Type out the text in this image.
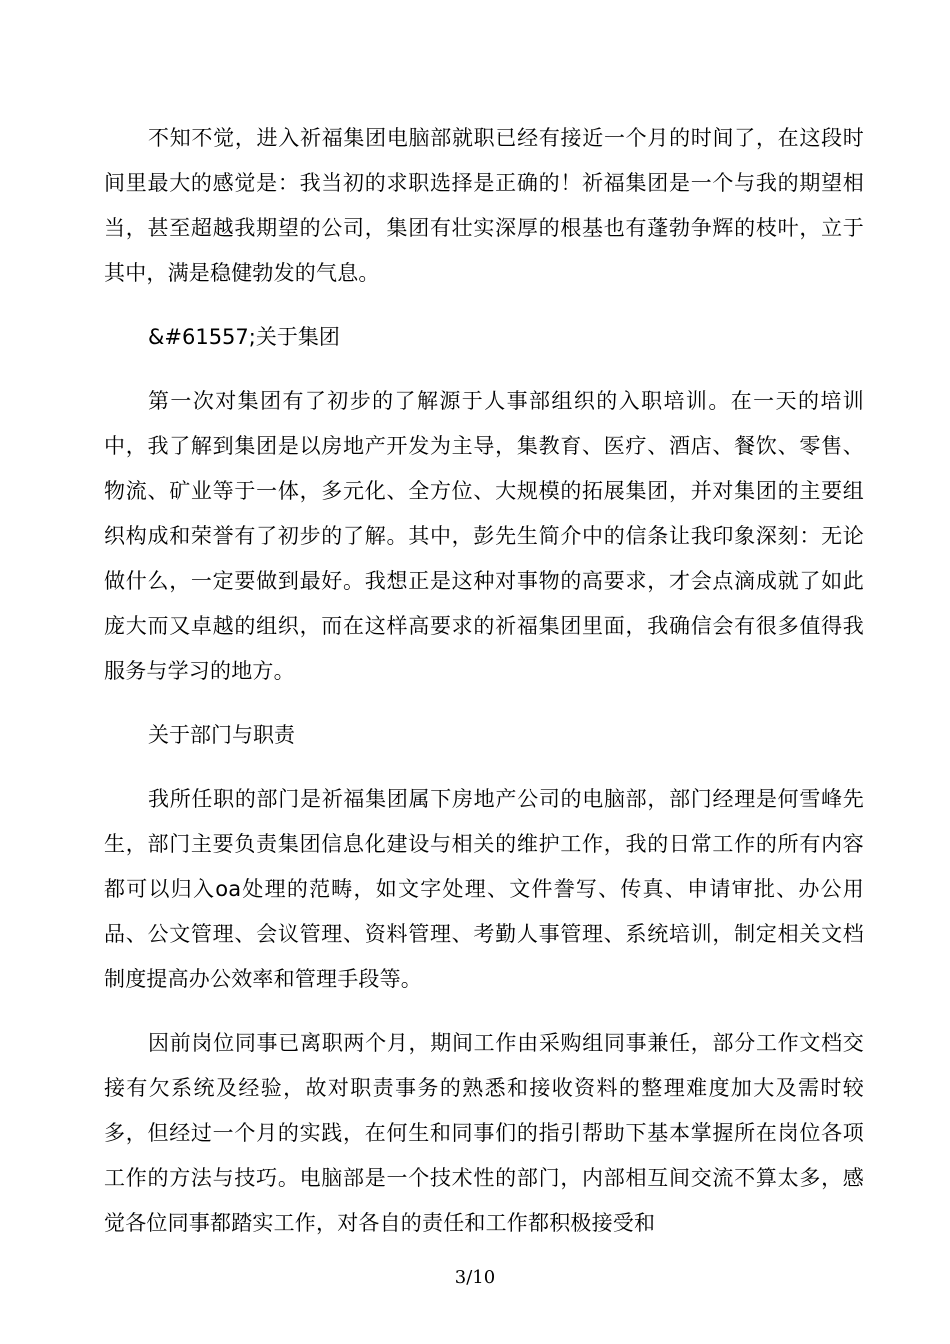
不知不觉，进入祈福集团电脑部就职已经有接近一个月的时间了，在这段时间里最大的感觉是：我当初的求职选择是正确的！祈福集团是一个与我的期望相当，甚至超越我期望的公司，集团有壮实深厚的根基也有蓬勃争辉的枝叶，立于其中，满是稳健勃发的气息。

&#61557;关于集团

第一次对集团有了初步的了解源于人事部组织的入职培训。在一天的培训中，我了解到集团是以房地产开发为主导，集教育、医疗、酒店、餐饮、零售、物流、矿业等于一体，多元化、全方位、大规模的拓展集团，并对集团的主要组织构成和荣誉有了初步的了解。其中，彭先生简介中的信条让我印象深刻：无论做什么，一定要做到最好。我想正是这种对事物的高要求，才会点滴成就了如此庞大而又卓越的组织，而在这样高要求的祈福集团里面，我确信会有很多值得我服务与学习的地方。

关于部门与职责

我所任职的部门是祈福集团属下房地产公司的电脑部，部门经理是何雪峰先生，部门主要负责集团信息化建设与相关的维护工作，我的日常工作的所有内容都可以归入oa处理的范畴，如文字处理、文件誊写、传真、申请审批、办公用品、公文管理、会议管理、资料管理、考勤人事管理、系统培训，制定相关文档制度提高办公效率和管理手段等。

因前岗位同事已离职两个月，期间工作由采购组同事兼任，部分工作文档交接有欠系统及经验，故对职责事务的熟悉和接收资料的整理难度加大及需时较多，但经过一个月的实践，在何生和同事们的指引帮助下基本掌握所在岗位各项工作的方法与技巧。电脑部是一个技术性的部门，内部相互间交流不算太多，感觉各位同事都踏实工作，对各自的责任和工作都积极接受和

3/10
